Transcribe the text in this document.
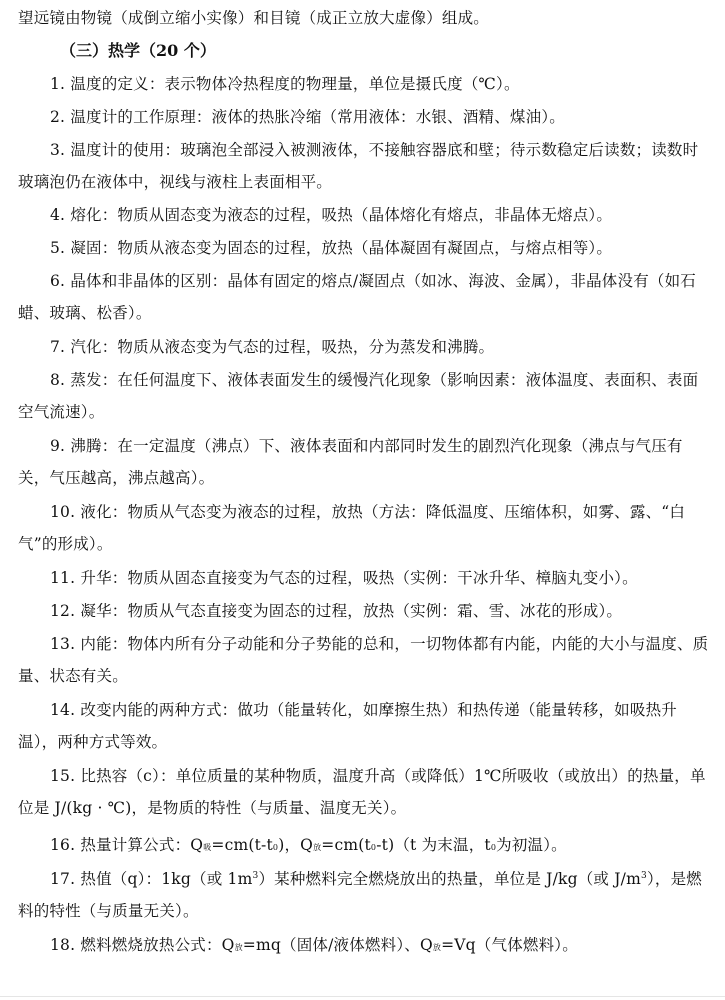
望远镜由物镜（成倒立缩小实像）和目镜（成正立放大虚像）组成。

（三）热学（20 个）

1. 温度的定义：表示物体冷热程度的物理量，单位是摄氏度（℃）。

2. 温度计的工作原理：液体的热胀冷缩（常用液体：水银、酒精、煤油）。

3. 温度计的使用：玻璃泡全部浸入被测液体，不接触容器底和壁；待示数稳定后读数；读数时玻璃泡仍在液体中，视线与液柱上表面相平。

4. 熔化：物质从固态变为液态的过程，吸热（晶体熔化有熔点，非晶体无熔点）。

5. 凝固：物质从液态变为固态的过程，放热（晶体凝固有凝固点，与熔点相等）。

6. 晶体和非晶体的区别：晶体有固定的熔点/凝固点（如冰、海波、金属），非晶体没有（如石蜡、玻璃、松香）。

7. 汽化：物质从液态变为气态的过程，吸热，分为蒸发和沸腾。

8. 蒸发：在任何温度下、液体表面发生的缓慢汽化现象（影响因素：液体温度、表面积、表面空气流速）。

9. 沸腾：在一定温度（沸点）下、液体表面和内部同时发生的剧烈汽化现象（沸点与气压有关，气压越高，沸点越高）。

10. 液化：物质从气态变为液态的过程，放热（方法：降低温度、压缩体积，如雾、露、“白气”的形成）。

11. 升华：物质从固态直接变为气态的过程，吸热（实例：干冰升华、樟脑丸变小）。

12. 凝华：物质从气态直接变为固态的过程，放热（实例：霜、雪、冰花的形成）。

13. 内能：物体内所有分子动能和分子势能的总和，一切物体都有内能，内能的大小与温度、质量、状态有关。

14. 改变内能的两种方式：做功（能量转化，如摩擦生热）和热传递（能量转移，如吸热升温），两种方式等效。

15. 比热容（c）：单位质量的某种物质，温度升高（或降低）1℃所吸收（或放出）的热量，单位是 J/(kg · ℃)，是物质的特性（与质量、温度无关）。

16. 热量计算公式：Q吸=cm(t-t0)，Q放=cm(t0-t)（t 为末温，t0为初温）。

17. 热值（q）：1kg（或 $1m^3$）某种燃料完全燃烧放出的热量，单位是 J/kg（或 $J/m^3$），是燃料的特性（与质量无关）。

18. 燃料燃烧放热公式：Q放=mq（固体/液体燃料）、Q放=Vq（气体燃料）。
